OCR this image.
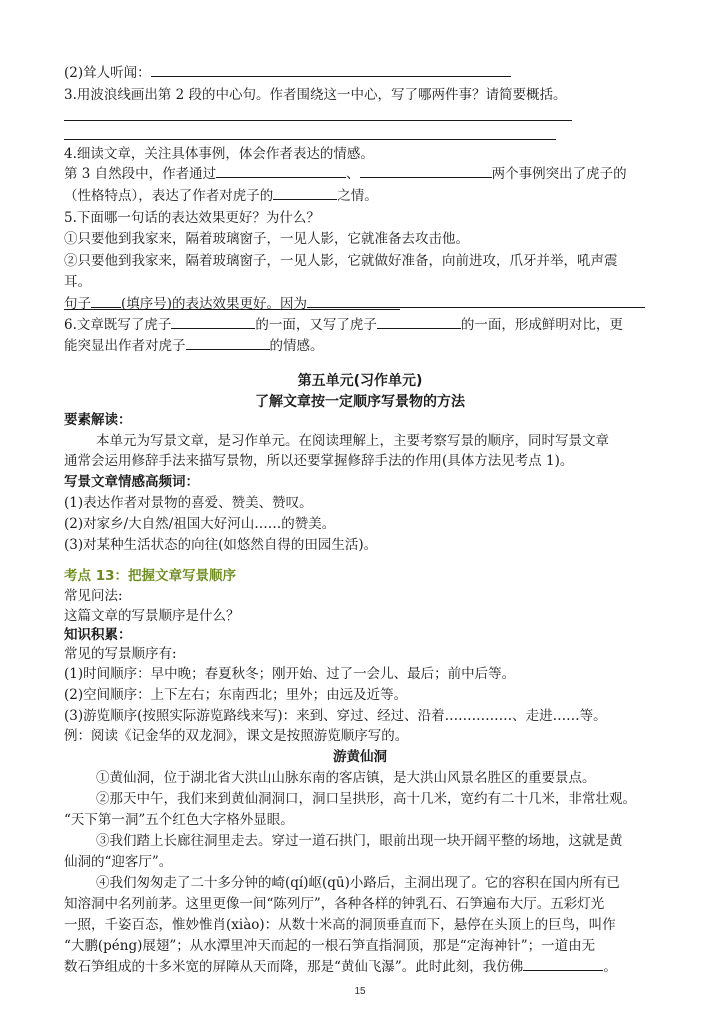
(2)耸人听闻：
3.用波浪线画出第 2 段的中心句。作者围绕这一中心，写了哪两件事？请简要概括。
4.细读文章，关注具体事例，体会作者表达的情感。
第 3 自然段中，作者通过	、	两个事例突出了虎子的
（性格特点），表达了作者对虎子的	之情。
5.下面哪一句话的表达效果更好？为什么？
①只要他到我家来，隔着玻璃窗子，一见人影，它就准备去攻击他。
②只要他到我家来，隔着玻璃窗子，一见人影，它就做好准备，向前进攻，爪牙并举，吼声震
耳。
句子 (填序号)的表达效果更好。因为
6.文章既写了虎子	的一面，又写了虎子	的一面，形成鲜明对比，更
能突显出作者对虎子	的情感。
第五单元(习作单元)
了解文章按一定顺序写景物的方法
要素解读：
本单元为写景文章，是习作单元。在阅读理解上，主要考察写景的顺序，同时写景文章
通常会运用修辞手法来描写景物，所以还要掌握修辞手法的作用(具体方法见考点 1)。
写景文章情感高频词：
(1)表达作者对景物的喜爱、赞美、赞叹。
(2)对家乡/大自然/祖国大好河山……的赞美。
(3)对某种生活状态的向往(如悠然自得的田园生活)。
考点 13：把握文章写景顺序
常见问法:
这篇文章的写景顺序是什么？
知识积累：
常见的写景顺序有:
(1)时间顺序：早中晚；春夏秋冬；刚开始、过了一会儿、最后；前中后等。
(2)空间顺序：上下左右；东南西北；里外；由远及近等。
(3)游览顺序(按照实际游览路线来写)：来到、穿过、经过、沿着……………、走进……等。
例：阅读《记金华的双龙洞》，课文是按照游览顺序写的。
游黄仙洞
①黄仙洞，位于湖北省大洪山山脉东南的客店镇，是大洪山风景名胜区的重要景点。
②那天中午，我们来到黄仙洞洞口，洞口呈拱形，高十几米，宽约有二十几米，非常壮观。
“天下第一洞”五个红色大字格外显眼。
③我们踏上长廊往洞里走去。穿过一道石拱门，眼前出现一块开阔平整的场地，这就是黄
仙洞的“迎客厅”。
④我们匆匆走了二十多分钟的崎(qí)岖(qū)小路后，主洞出现了。它的容积在国内所有已
知溶洞中名列前茅。这里更像一间“陈列厅”，各种各样的钟乳石、石笋遍布大厅。五彩灯光
一照，千姿百态，惟妙惟肖(xiào)：从数十米高的洞顶垂直而下，悬停在头顶上的巨鸟，叫作
“大鹏(péng)展翅”；从水潭里冲天而起的一根石笋直指洞顶，那是“定海神针”；一道由无
数石笋组成的十多米宽的屏障从天而降，那是“黄仙飞瀑”。此时此刻，我仿佛	。
15
